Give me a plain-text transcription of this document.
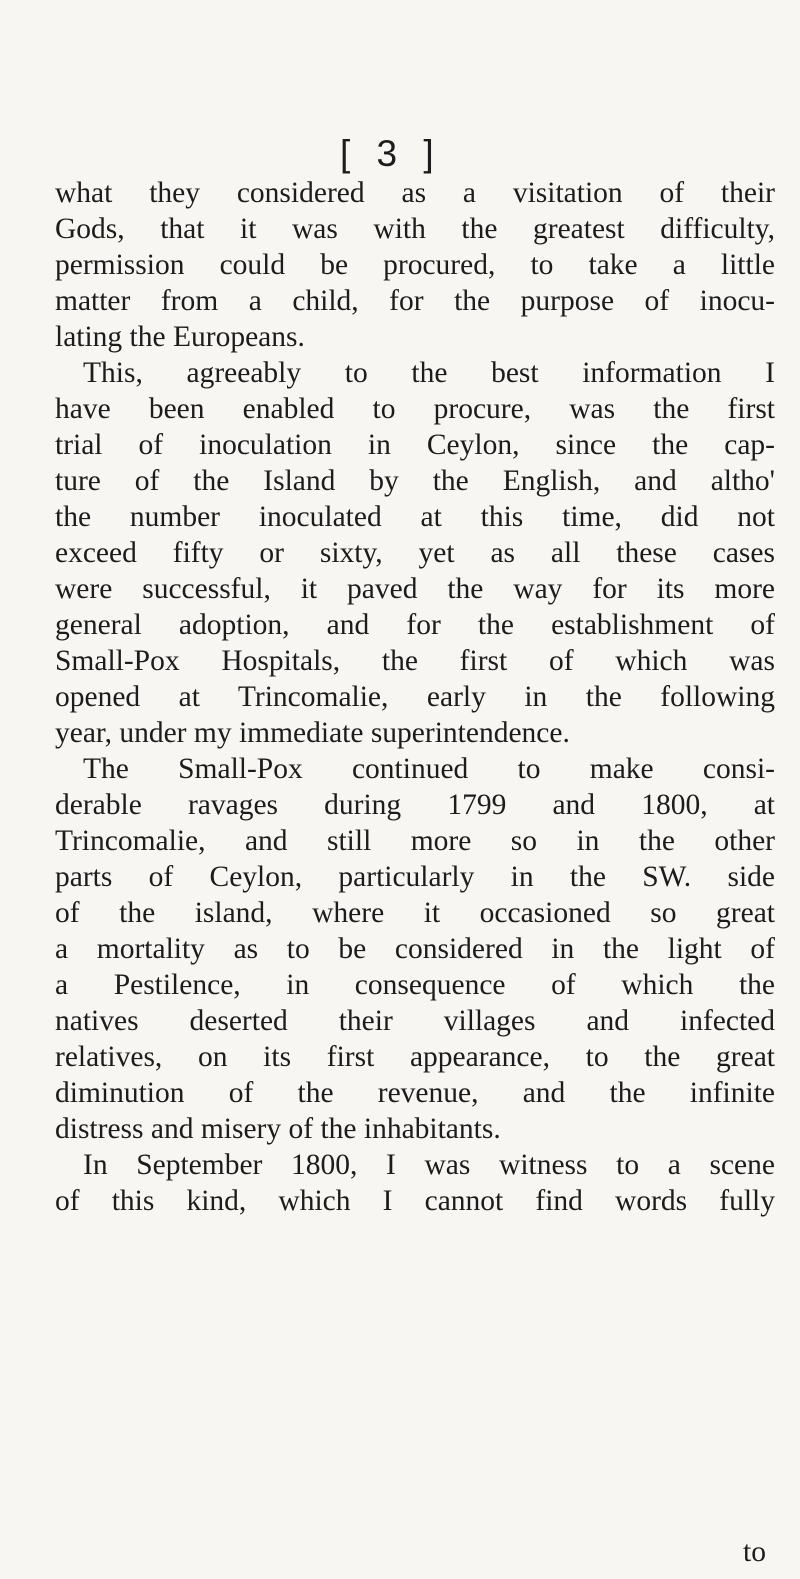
[ 3 ]
what they considered as a visitation of their
Gods, that it was with the greatest difficulty,
permission could be procured, to take a little
matter from a child, for the purpose of inocu-
lating the Europeans.
This, agreeably to the best information I
have been enabled to procure, was the first
trial of inoculation in Ceylon, since the cap-
ture of the Island by the English, and altho'
the number inoculated at this time, did not
exceed fifty or sixty, yet as all these cases
were successful, it paved the way for its more
general adoption, and for the establishment of
Small-Pox Hospitals, the first of which was
opened at Trincomalie, early in the following
year, under my immediate superintendence.
The Small-Pox continued to make consi-
derable ravages during 1799 and 1800, at
Trincomalie, and still more so in the other
parts of Ceylon, particularly in the SW. side
of the island, where it occasioned so great
a mortality as to be considered in the light of
a Pestilence, in consequence of which the
natives deserted their villages and infected
relatives, on its first appearance, to the great
diminution of the revenue, and the infinite
distress and misery of the inhabitants.
In September 1800, I was witness to a scene
of this kind, which I cannot find words fully
to
